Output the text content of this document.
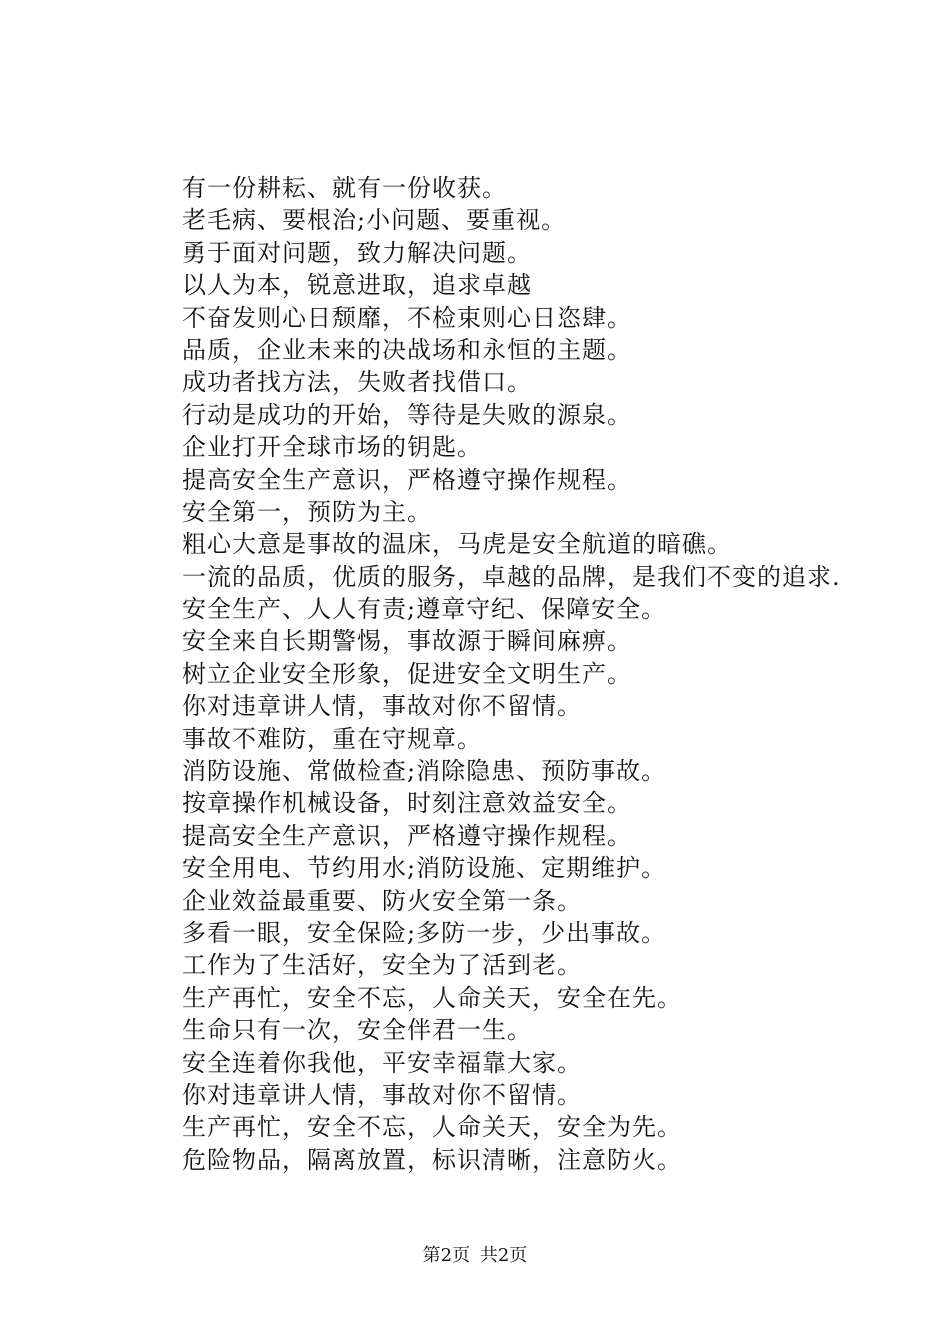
有一份耕耘、就有一份收获。
老毛病、要根治;小问题、要重视。
勇于面对问题，致力解决问题。
以人为本，锐意进取，追求卓越
不奋发则心日颓靡，不检束则心日恣肆。
品质，企业未来的决战场和永恒的主题。
成功者找方法，失败者找借口。
行动是成功的开始，等待是失败的源泉。
企业打开全球市场的钥匙。
提高安全生产意识，严格遵守操作规程。
安全第一，预防为主。
粗心大意是事故的温床，马虎是安全航道的暗礁。
一流的品质，优质的服务，卓越的品牌，是我们不变的追求.
安全生产、人人有责;遵章守纪、保障安全。
安全来自长期警惕，事故源于瞬间麻痹。
树立企业安全形象，促进安全文明生产。
你对违章讲人情，事故对你不留情。
事故不难防，重在守规章。
消防设施、常做检查;消除隐患、预防事故。
按章操作机械设备，时刻注意效益安全。
提高安全生产意识，严格遵守操作规程。
安全用电、节约用水;消防设施、定期维护。
企业效益最重要、防火安全第一条。
多看一眼，安全保险;多防一步，少出事故。
工作为了生活好，安全为了活到老。
生产再忙，安全不忘，人命关天，安全在先。
生命只有一次，安全伴君一生。
安全连着你我他，平安幸福靠大家。
你对违章讲人情，事故对你不留情。
生产再忙，安全不忘，人命关天，安全为先。
危险物品，隔离放置，标识清晰，注意防火。
第2页 共2页
